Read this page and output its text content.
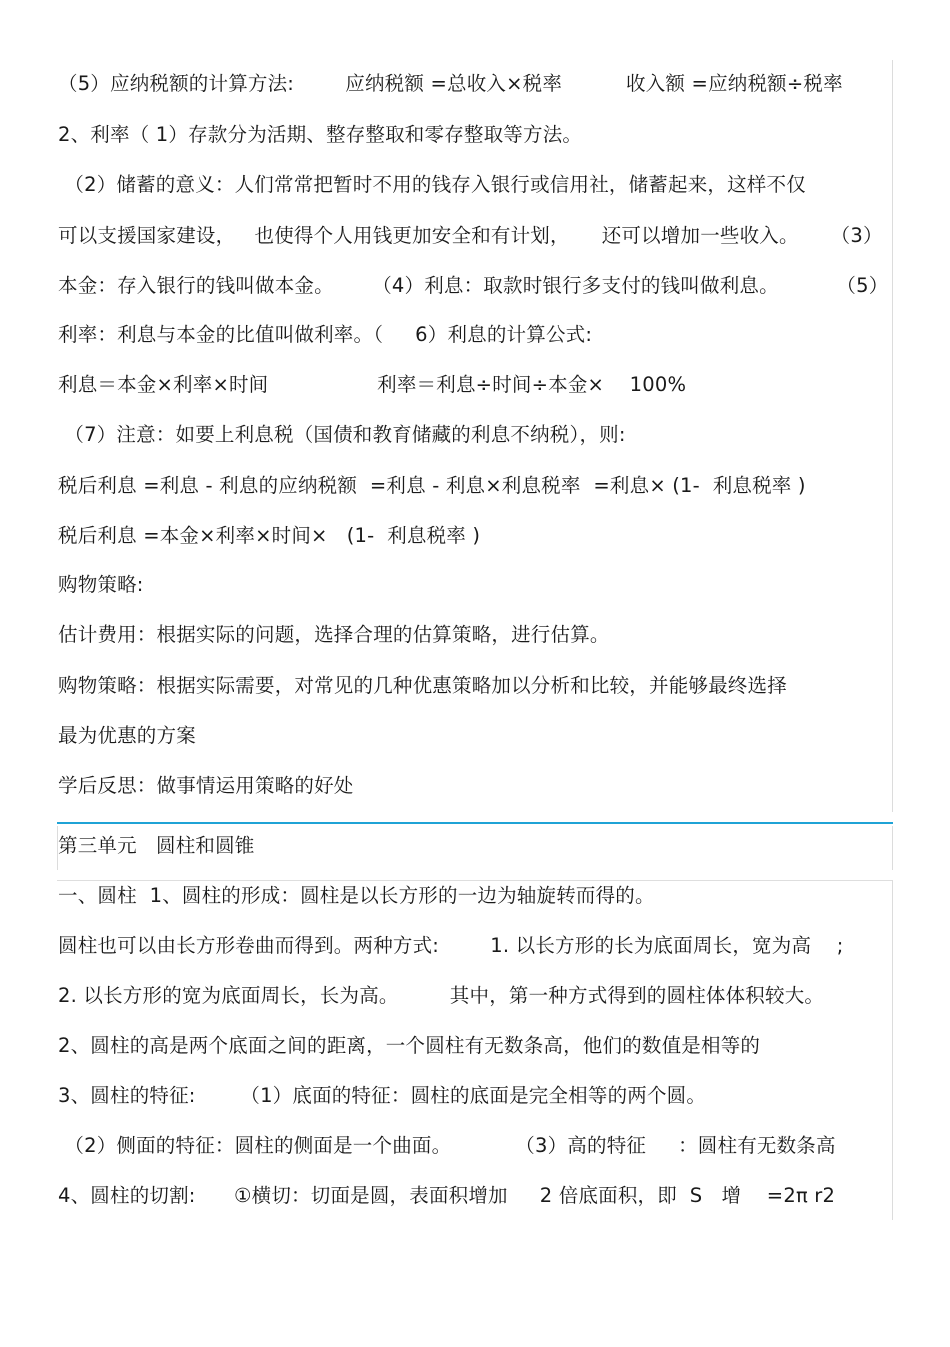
（5）应纳税额的计算方法:        应纳税额 =总收入×税率          收入额 =应纳税额÷税率
2、利率（ 1）存款分为活期、整存整取和零存整取等方法。
（2）储蓄的意义：人们常常把暂时不用的钱存入银行或信用社，储蓄起来，这样不仅
可以支援国家建设，   也使得个人用钱更加安全和有计划，     还可以增加一些收入。     （3）
本金：存入银行的钱叫做本金。      （4）利息：取款时银行多支付的钱叫做利息。         （5）
利率：利息与本金的比值叫做利率。（     6）利息的计算公式:
利息＝本金×利率×时间                 利率＝利息÷时间÷本金×    100%
（7）注意：如要上利息税（国债和教育储藏的利息不纳税），则:
税后利息 =利息 - 利息的应纳税额  =利息 - 利息×利息税率  =利息× (1-  利息税率 )
税后利息 =本金×利率×时间×   (1-  利息税率 )
购物策略:
估计费用：根据实际的问题，选择合理的估算策略，进行估算。
购物策略：根据实际需要，对常见的几种优惠策略加以分析和比较，并能够最终选择
最为优惠的方案
学后反思：做事情运用策略的好处
第三单元   圆柱和圆锥
一、圆柱  1、圆柱的形成：圆柱是以长方形的一边为轴旋转而得的。
圆柱也可以由长方形卷曲而得到。两种方式:        1. 以长方形的长为底面周长，宽为高    ;
2. 以长方形的宽为底面周长，长为高。        其中，第一种方式得到的圆柱体体积较大。
2、圆柱的高是两个底面之间的距离，一个圆柱有无数条高，他们的数值是相等的
3、圆柱的特征:       （1）底面的特征：圆柱的底面是完全相等的两个圆。
（2）侧面的特征：圆柱的侧面是一个曲面。          （3）高的特征     ：圆柱有无数条高
4、圆柱的切割:      ①横切：切面是圆，表面积增加     2 倍底面积，即  S   增    =2π r2
